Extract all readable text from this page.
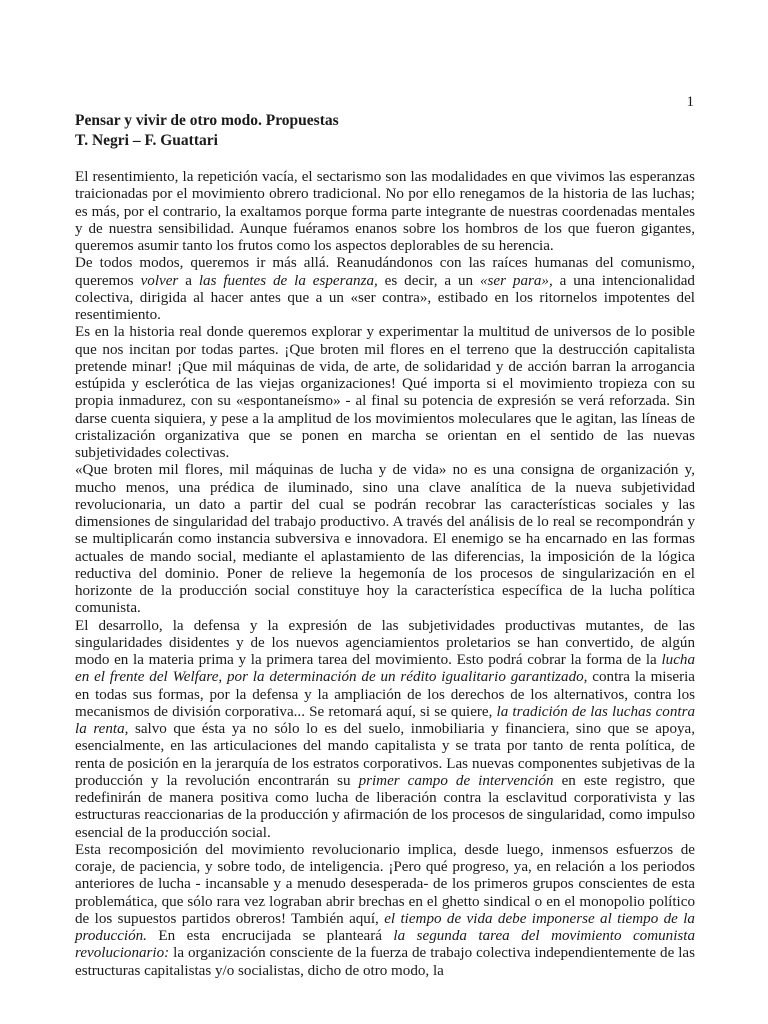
1
Pensar y vivir de otro modo. Propuestas
T. Negri – F. Guattari

El resentimiento, la repetición vacía, el sectarismo son las modalidades en que vivimos las esperanzas traicionadas por el movimiento obrero tradicional. No por ello renegamos de la historia de las luchas; es más, por el contrario, la exaltamos porque forma parte integrante de nuestras coordenadas mentales y de nuestra sensibilidad. Aunque fuéramos enanos sobre los hombros de los que fueron gigantes, queremos asumir tanto los frutos como los aspectos deplorables de su herencia.

De todos modos, queremos ir más allá. Reanudándonos con las raíces humanas del comunismo, queremos volver a las fuentes de la esperanza, es decir, a un «ser para», a una intencionalidad colectiva, dirigida al hacer antes que a un «ser contra», estibado en los ritornelos impotentes del resentimiento.

Es en la historia real donde queremos explorar y experimentar la multitud de universos de lo posible que nos incitan por todas partes. ¡Que broten mil flores en el terreno que la destrucción capitalista pretende minar! ¡Que mil máquinas de vida, de arte, de solidaridad y de acción barran la arrogancia estúpida y esclerótica de las viejas organizaciones! Qué importa si el movimiento tropieza con su propia inmadurez, con su «espontaneísmo» - al final su potencia de expresión se verá reforzada. Sin darse cuenta siquiera, y pese a la amplitud de los movimientos moleculares que le agitan, las líneas de cristalización organizativa que se ponen en marcha se orientan en el sentido de las nuevas subjetividades colectivas.

«Que broten mil flores, mil máquinas de lucha y de vida» no es una consigna de organización y, mucho menos, una prédica de iluminado, sino una clave analítica de la nueva subjetividad revolucionaria, un dato a partir del cual se podrán recobrar las características sociales y las dimensiones de singularidad del trabajo productivo. A través del análisis de lo real se recompondrán y se multiplicarán como instancia subversiva e innovadora. El enemigo se ha encarnado en las formas actuales de mando social, mediante el aplastamiento de las diferencias, la imposición de la lógica reductiva del dominio. Poner de relieve la hegemonía de los procesos de singularización en el horizonte de la producción social constituye hoy la característica específica de la lucha política comunista.

El desarrollo, la defensa y la expresión de las subjetividades productivas mutantes, de las singularidades disidentes y de los nuevos agenciamientos proletarios se han convertido, de algún modo en la materia prima y la primera tarea del movimiento. Esto podrá cobrar la forma de la lucha en el frente del Welfare, por la determinación de un rédito igualitario garantizado, contra la miseria en todas sus formas, por la defensa y la ampliación de los derechos de los alternativos, contra los mecanismos de división corporativa... Se retomará aquí, si se quiere, la tradición de las luchas contra la renta, salvo que ésta ya no sólo lo es del suelo, inmobiliaria y financiera, sino que se apoya, esencialmente, en las articulaciones del mando capitalista y se trata por tanto de renta política, de renta de posición en la jerarquía de los estratos corporativos. Las nuevas componentes subjetivas de la producción y la revolución encontrarán su primer campo de intervención en este registro, que redefinirán de manera positiva como lucha de liberación contra la esclavitud corporativista y las estructuras reaccionarias de la producción y afirmación de los procesos de singularidad, como impulso esencial de la producción social.

Esta recomposición del movimiento revolucionario implica, desde luego, inmensos esfuerzos de coraje, de paciencia, y sobre todo, de inteligencia. ¡Pero qué progreso, ya, en relación a los periodos anteriores de lucha - incansable y a menudo desesperada- de los primeros grupos conscientes de esta problemática, que sólo rara vez lograban abrir brechas en el ghetto sindical o en el monopolio político de los supuestos partidos obreros! También aquí, el tiempo de vida debe imponerse al tiempo de la producción. En esta encrucijada se planteará la segunda tarea del movimiento comunista revolucionario: la organización consciente de la fuerza de trabajo colectiva independientemente de las estructuras capitalistas y/o socialistas, dicho de otro modo, la
